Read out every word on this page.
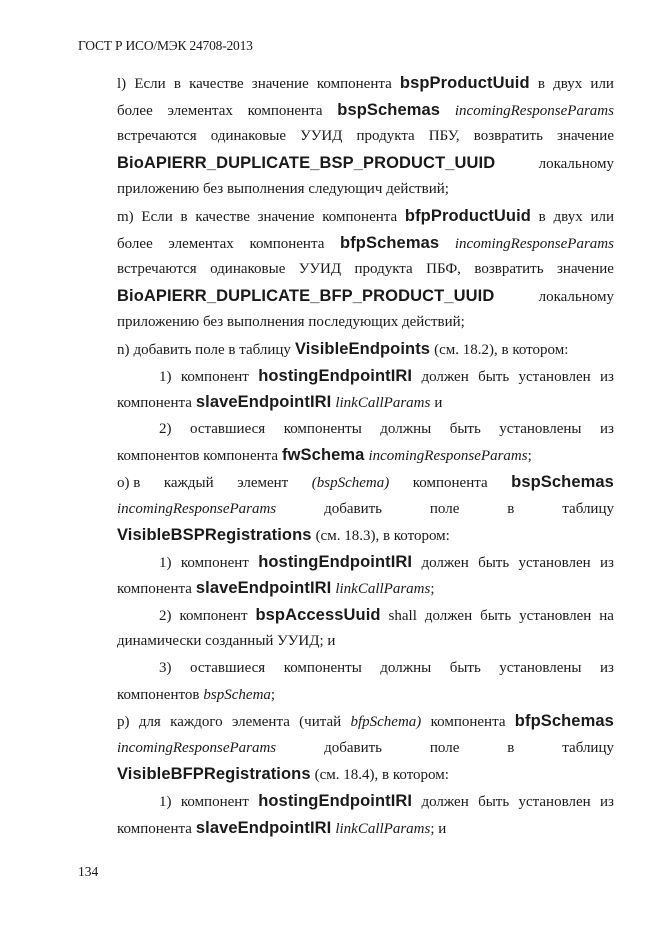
ГОСТ Р ИСО/МЭК 24708-2013
l) Если в качестве значение компонента bspProductUuid в двух или
более элементах компонента bspSchemas incomingResponseParams
встречаются одинаковые УУИД продукта ПБУ, возвратить значение
BioAPIERR_DUPLICATE_BSP_PRODUCT_UUID	локальному
приложению без выполнения следующич действий;
m) Если в качестве значение компонента bfpProductUuid в двух или
более элементах компонента bfpSchemas incomingResponseParams
встречаются одинаковые УУИД продукта ПБФ, возвратить значение
BioAPIERR_DUPLICATE_BFP_PRODUCT_UUID	локальному
приложению без выполнения последующих действий;
n) добавить поле в таблицу VisibleEndpoints (см. 18.2), в котором:
1) компонент hostingEndpointIRI должен быть установлен из
компонента slaveEndpointIRI linkCallParams и
2) оставшиеся компоненты должны быть установлены из
компонентов компонента fwSchema incomingResponseParams ;
o) в каждый элемент (bspSchema) компонента bspSchemas
incomingResponseParams	добавить	поле	в	таблицу
VisibleBSPRegistrations (см. 18.3), в котором:
1) компонент hostingEndpointIRI должен быть установлен из
компонента slaveEndpointIRI linkCallParams ;
2) компонент bspAccessUuid shall должен быть установлен на
динамически созданный УУИД; и
3) оставшиеся компоненты должны быть установлены из
компонентов bspSchema ;
p) для каждого элемента (читай bfpSchema) компонента bfpSchemas
incomingResponseParams	добавить	поле	в	таблицу
VisibleBFPRegistrations (см. 18.4), в котором:
1) компонент hostingEndpointIRI должен быть установлен из
компонента slaveEndpointIRI linkCallParams ; и
134
